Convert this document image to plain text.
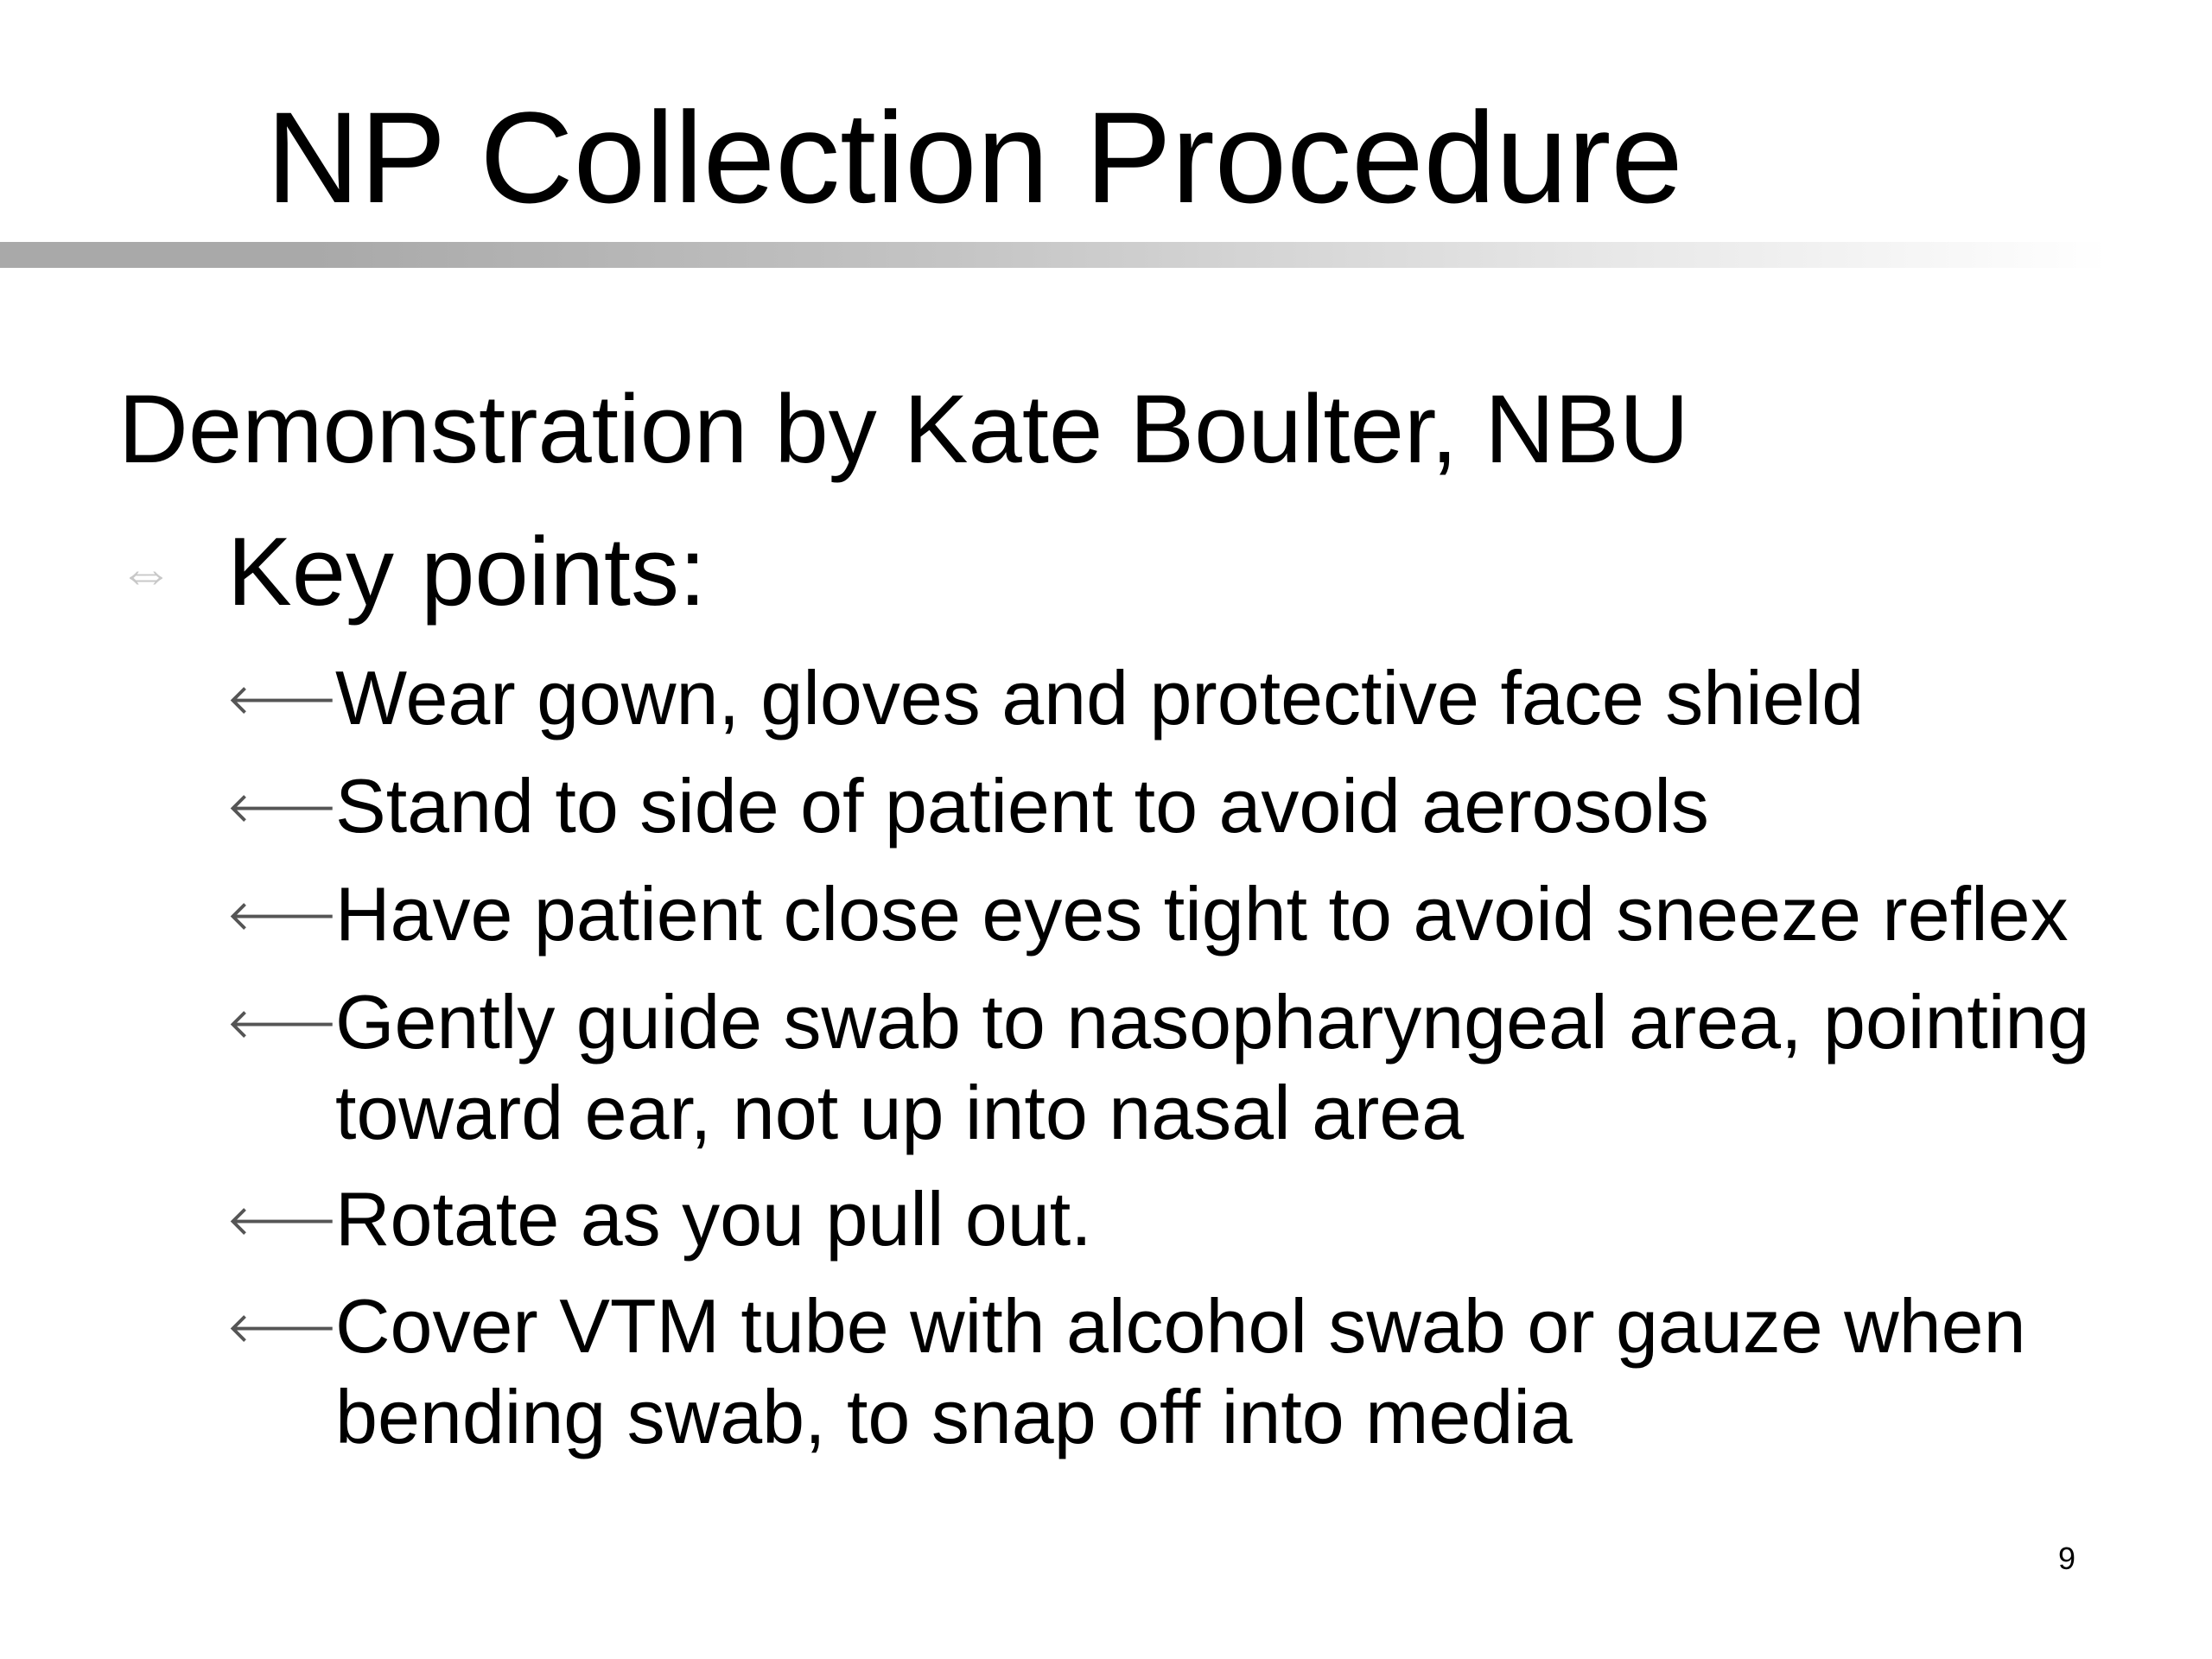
NP Collection Procedure
Demonstration by Kate Boulter, NBU
⇔ Key points:
🡐
Wear gown, gloves and protective face shield
🡐
Stand to side of patient to avoid aerosols
🡐
Have patient close eyes tight to avoid sneeze reflex
🡐
Gently guide swab to nasopharyngeal area, pointing
toward ear, not up into nasal area
🡐
Rotate as you pull out.
🡐
Cover VTM tube with alcohol swab or gauze when
bending swab, to snap off into media
9
